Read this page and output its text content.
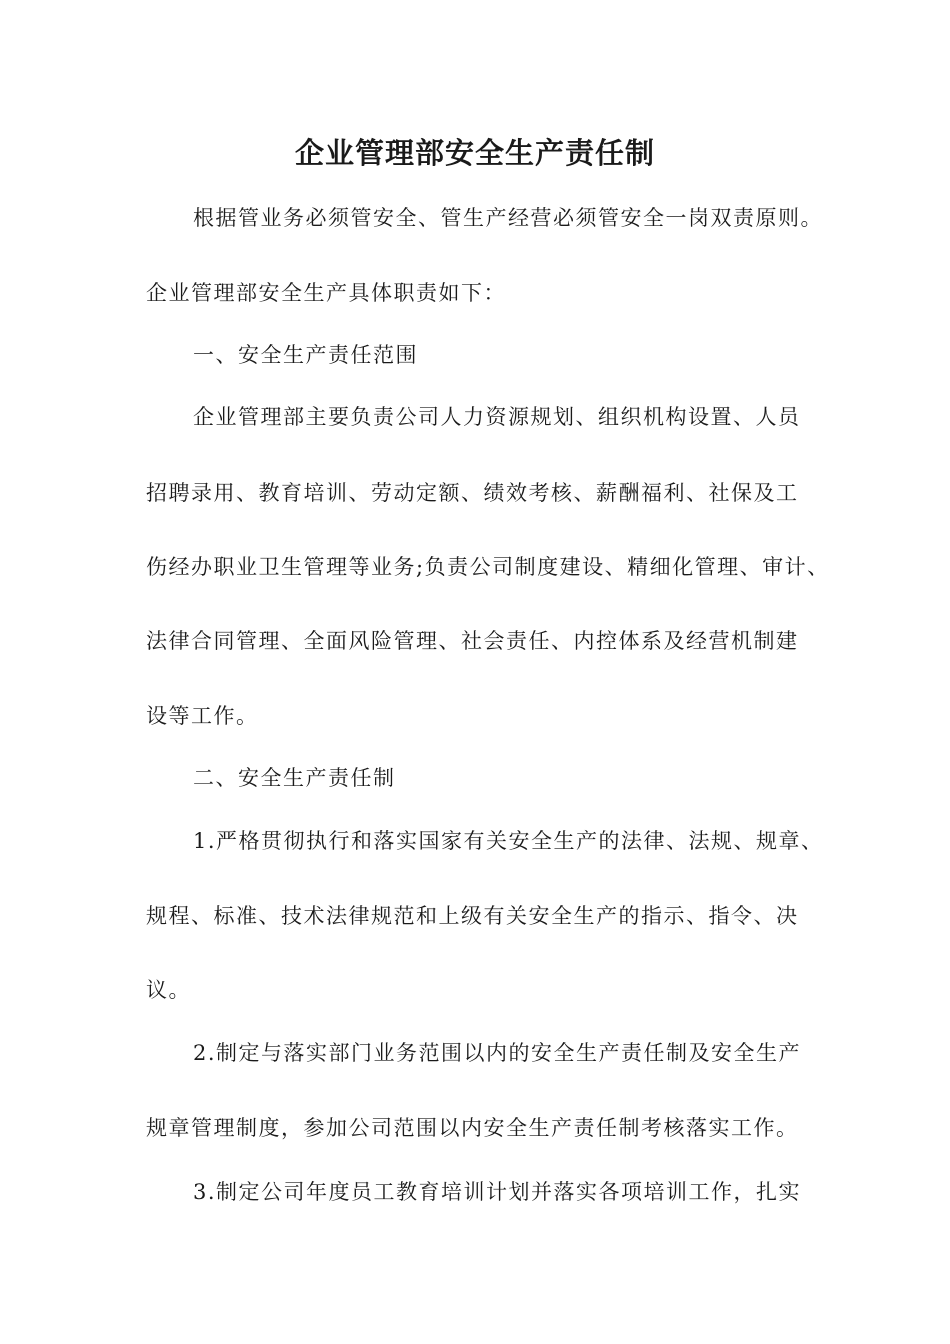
企业管理部安全生产责任制
根据管业务必须管安全、管生产经营必须管安全一岗双责原则。
企业管理部安全生产具体职责如下：
一、安全生产责任范围
企业管理部主要负责公司人力资源规划、组织机构设置、人员
招聘录用、教育培训、劳动定额、绩效考核、薪酬福利、社保及工
伤经办职业卫生管理等业务;负责公司制度建设、精细化管理、审计、
法律合同管理、全面风险管理、社会责任、内控体系及经营机制建
设等工作。
二、安全生产责任制
1.严格贯彻执行和落实国家有关安全生产的法律、法规、规章、
规程、标准、技术法律规范和上级有关安全生产的指示、指令、决
议。
2.制定与落实部门业务范围以内的安全生产责任制及安全生产
规章管理制度，参加公司范围以内安全生产责任制考核落实工作。
3.制定公司年度员工教育培训计划并落实各项培训工作，扎实
